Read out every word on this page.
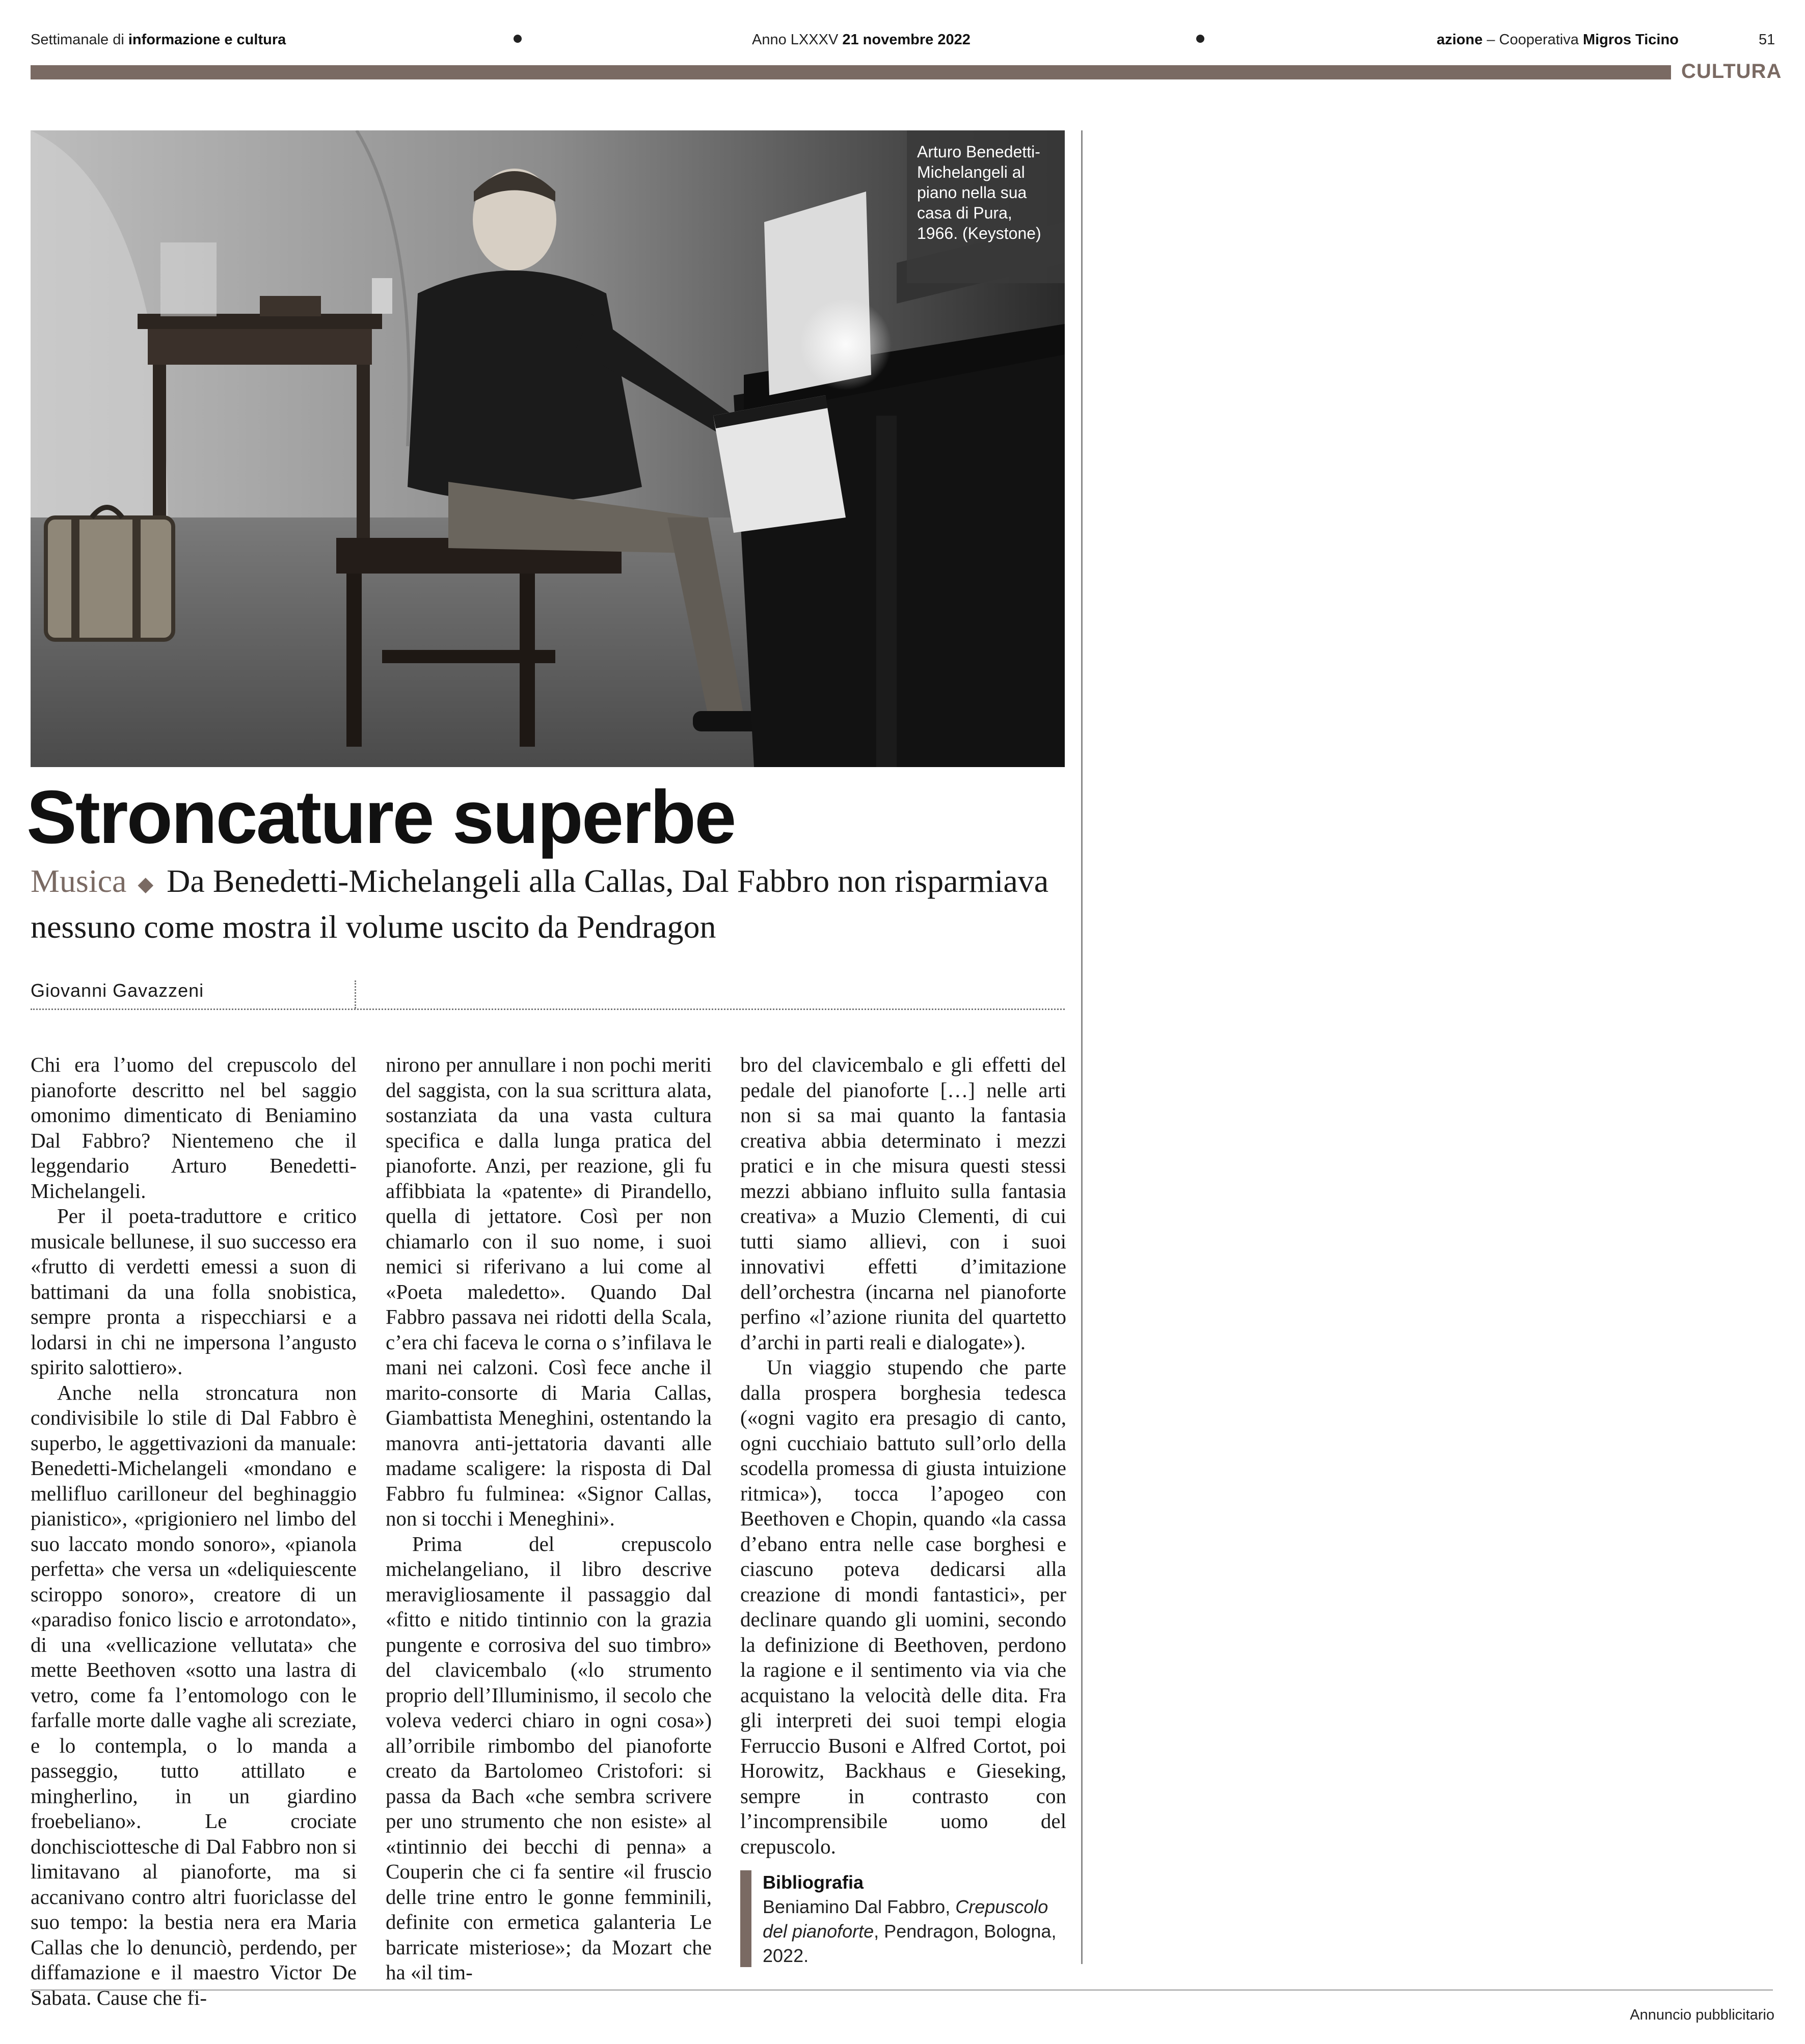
Settimanale di informazione e cultura	Anno LXXXV 21 novembre 2022	azione – Cooperativa Migros Ticino	51
CULTURA
Arturo Benedetti-Michelangeli al piano nella sua casa di Pura, 1966. (Keystone)
Stroncature superbe
Musica ◆ Da Benedetti-Michelangeli alla Callas, Dal Fabbro non risparmiava nessuno come mostra il volume uscito da Pendragon
Giovanni Gavazzeni

Chi era l’uomo del crepuscolo del pianoforte descritto nel bel saggio omonimo dimenticato di Beniamino Dal Fabbro? Nientemeno che il leggendario Arturo Benedetti-Michelangeli.

Per il poeta-traduttore e critico musicale bellunese, il suo successo era «frutto di verdetti emessi a suon di battimani da una folla snobistica, sempre pronta a rispecchiarsi e a lodarsi in chi ne impersona l’angusto spirito salottiero».

Anche nella stroncatura non condivisibile lo stile di Dal Fabbro è superbo, le aggettivazioni da manuale: Benedetti-Michelangeli «mondano e mellifluo carilloneur del beghinaggio pianistico», «prigioniero nel limbo del suo laccato mondo sonoro», «pianola perfetta» che versa un «deliquiescente sciroppo sonoro», creatore di un «paradiso fonico liscio e arrotondato», di una «vellicazione vellutata» che mette Beethoven «sotto una lastra di vetro, come fa l’entomologo con le farfalle morte dalle vaghe ali screziate, e lo contempla, o lo manda a passeggio, tutto attillato e mingherlino, in un giardino froebeliano». Le crociate donchisciottesche di Dal Fabbro non si limitavano al pianoforte, ma si accanivano contro altri fuoriclasse del suo tempo: la bestia nera era Maria Callas che lo denunciò, perdendo, per diffamazione e il maestro Victor De Sabata. Cause che fi-

nirono per annullare i non pochi meriti del saggista, con la sua scrittura alata, sostanziata da una vasta cultura specifica e dalla lunga pratica del pianoforte. Anzi, per reazione, gli fu affibbiata la «patente» di Pirandello, quella di jettatore. Così per non chiamarlo con il suo nome, i suoi nemici si riferivano a lui come al «Poeta maledetto». Quando Dal Fabbro passava nei ridotti della Scala, c’era chi faceva le corna o s’infilava le mani nei calzoni. Così fece anche il marito-consorte di Maria Callas, Giambattista Meneghini, ostentando la manovra anti-jettatoria davanti alle madame scaligere: la risposta di Dal Fabbro fu fulminea: «Signor Callas, non si tocchi i Meneghini».

Prima del crepuscolo michelangeliano, il libro descrive meravigliosamente il passaggio dal «fitto e nitido tintinnio con la grazia pungente e corrosiva del suo timbro» del clavicembalo («lo strumento proprio dell’Illuminismo, il secolo che voleva vederci chiaro in ogni cosa») all’orribile rimbombo del pianoforte creato da Bartolomeo Cristofori: si passa da Bach «che sembra scrivere per uno strumento che non esiste» al «tintinnio dei becchi di penna» a Couperin che ci fa sentire «il fruscio delle trine entro le gonne femminili, definite con ermetica galanteria Le barricate misteriose»; da Mozart che ha «il tim-

bro del clavicembalo e gli effetti del pedale del pianoforte […] nelle arti non si sa mai quanto la fantasia creativa abbia determinato i mezzi pratici e in che misura questi stessi mezzi abbiano influito sulla fantasia creativa» a Muzio Clementi, di cui tutti siamo allievi, con i suoi innovativi effetti d’imitazione dell’orchestra (incarna nel pianoforte perfino «l’azione riunita del quartetto d’archi in parti reali e dialogate»).

Un viaggio stupendo che parte dalla prospera borghesia tedesca («ogni vagito era presagio di canto, ogni cucchiaio battuto sull’orlo della scodella promessa di giusta intuizione ritmica»), tocca l’apogeo con Beethoven e Chopin, quando «la cassa d’ebano entra nelle case borghesi e ciascuno poteva dedicarsi alla creazione di mondi fantastici», per declinare quando gli uomini, secondo la definizione di Beethoven, perdono la ragione e il sentimento via via che acquistano la velocità delle dita. Fra gli interpreti dei suoi tempi elogia Ferruccio Busoni e Alfred Cortot, poi Horowitz, Backhaus e Gieseking, sempre in contrasto con l’incomprensibile uomo del crepuscolo.

Bibliografia
Beniamino Dal Fabbro, Crepuscolo del pianoforte, Pendragon, Bologna, 2022.
Annuncio pubblicitario
